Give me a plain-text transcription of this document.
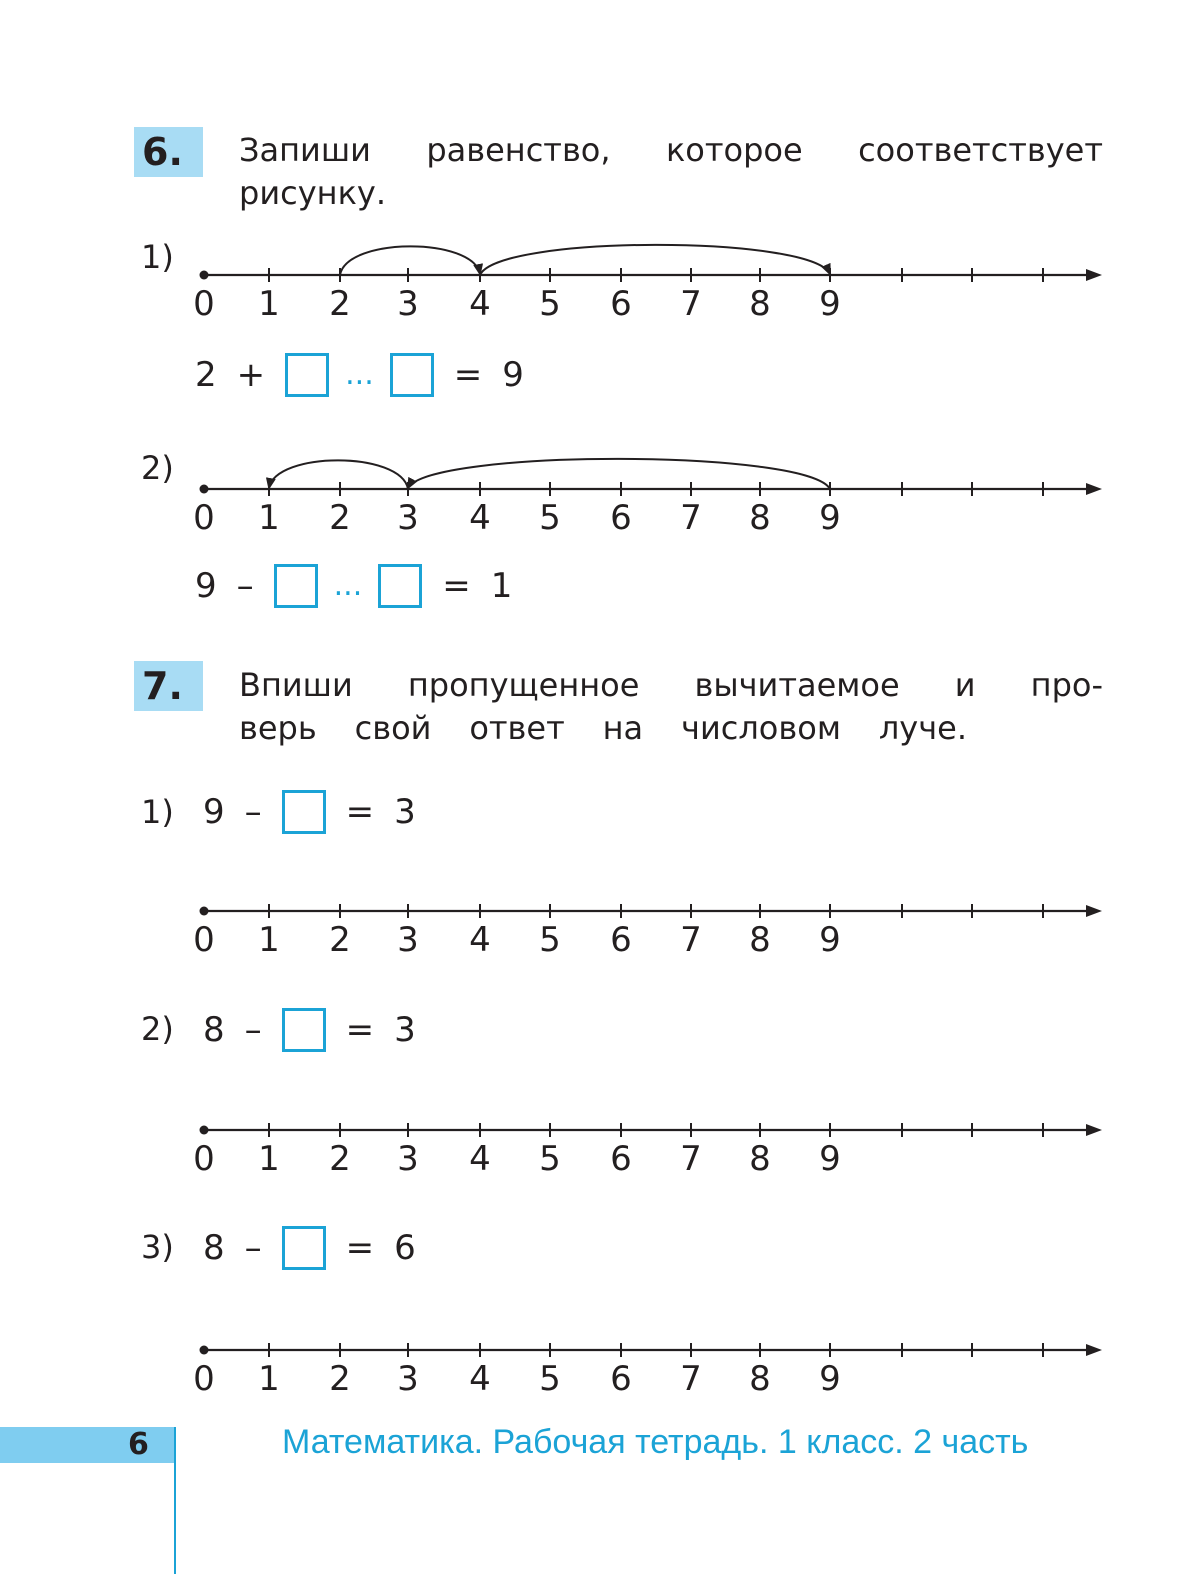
6.	Запиши равенство, которое соответствует
рисунку.
1)
0 1 2 3 4 5 6 7 8 9
2 +	... = 9
2)
0 1 2 3 4 5 6 7 8 9
9 –	... = 1
7.	Впиши пропущенное вычитаемое и про-
верь свой ответ на числовом луче.
1) 9 – = 3
0 1 2 3 4 5 6 7 8 9
2) 8 – = 3
0 1 2 3 4 5 6 7 8 9
3) 8 – = 6
0 1 2 3 4 5 6 7 8 9
6	Математика. Рабочая тетрадь. 1 класс. 2 часть
